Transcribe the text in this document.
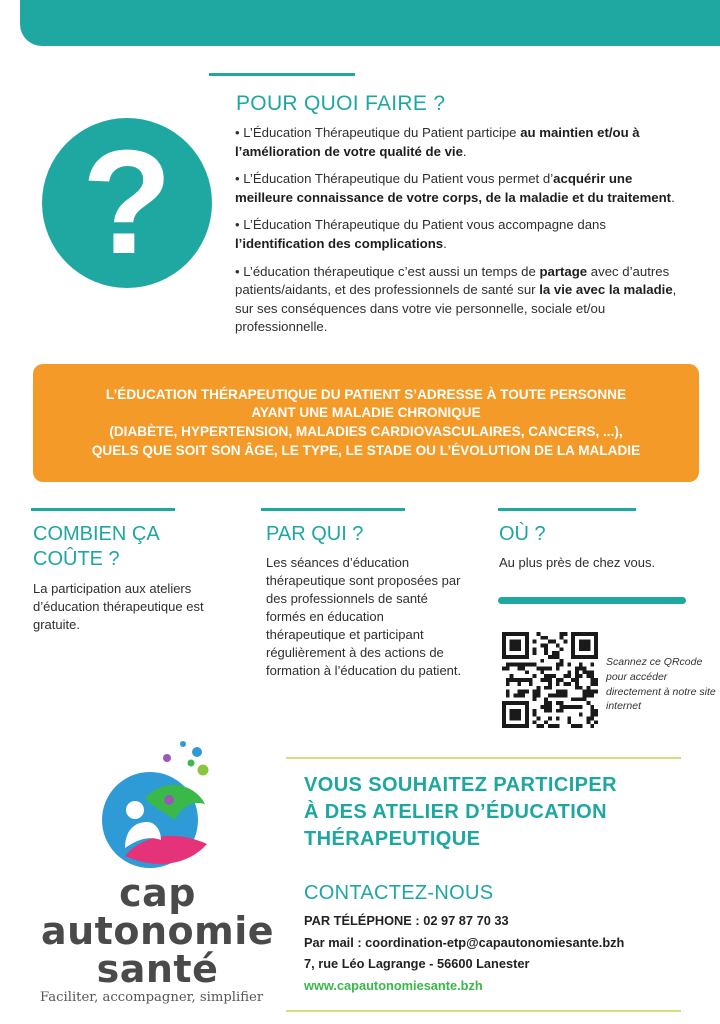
POUR QUOI FAIRE ?
?	• L’Éducation Thérapeutique du Patient participe au maintien et/ou à l’amélioration de votre qualité de vie.

• L’Éducation Thérapeutique du Patient vous permet d’acquérir une meilleure connaissance de votre corps, de la maladie et du traitement.

• L’Éducation Thérapeutique du Patient vous accompagne dans l’identification des complications.

• L’éducation thérapeutique c’est aussi un temps de partage avec d’autres patients/aidants, et des professionnels de santé sur la vie avec la maladie, sur ses conséquences dans votre vie personnelle, sociale et/ou professionnelle.

L’ÉDUCATION THÉRAPEUTIQUE DU PATIENT S’ADRESSE À TOUTE PERSONNE
AYANT UNE MALADIE CHRONIQUE
(DIABÈTE, HYPERTENSION, MALADIES CARDIOVASCULAIRES, CANCERS, ...),
QUELS QUE SOIT SON ÂGE, LE TYPE, LE STADE OU L’ÉVOLUTION DE LA MALADIE
COMBIEN ÇA
COÛTE ?
La participation aux ateliers d’éducation thérapeutique est gratuite.
PAR QUI ?
Les séances d’éducation thérapeutique sont proposées par des professionnels de santé formés en éducation thérapeutique et participant régulièrement à des actions de formation à l’éducation du patient.
OÙ ?
Au plus près de chez vous.
Scannez ce QRcode pour accéder directement à notre site internet
cap
autonomie
santé
Faciliter, accompagner, simplifier
VOUS SOUHAITEZ PARTICIPER
À DES ATELIER D’ÉDUCATION
THÉRAPEUTIQUE
CONTACTEZ-NOUS
PAR TÉLÉPHONE : 02 97 87 70 33
Par mail : coordination-etp@capautonomiesante.bzh
7, rue Léo Lagrange - 56600 Lanester
www.capautonomiesante.bzh
